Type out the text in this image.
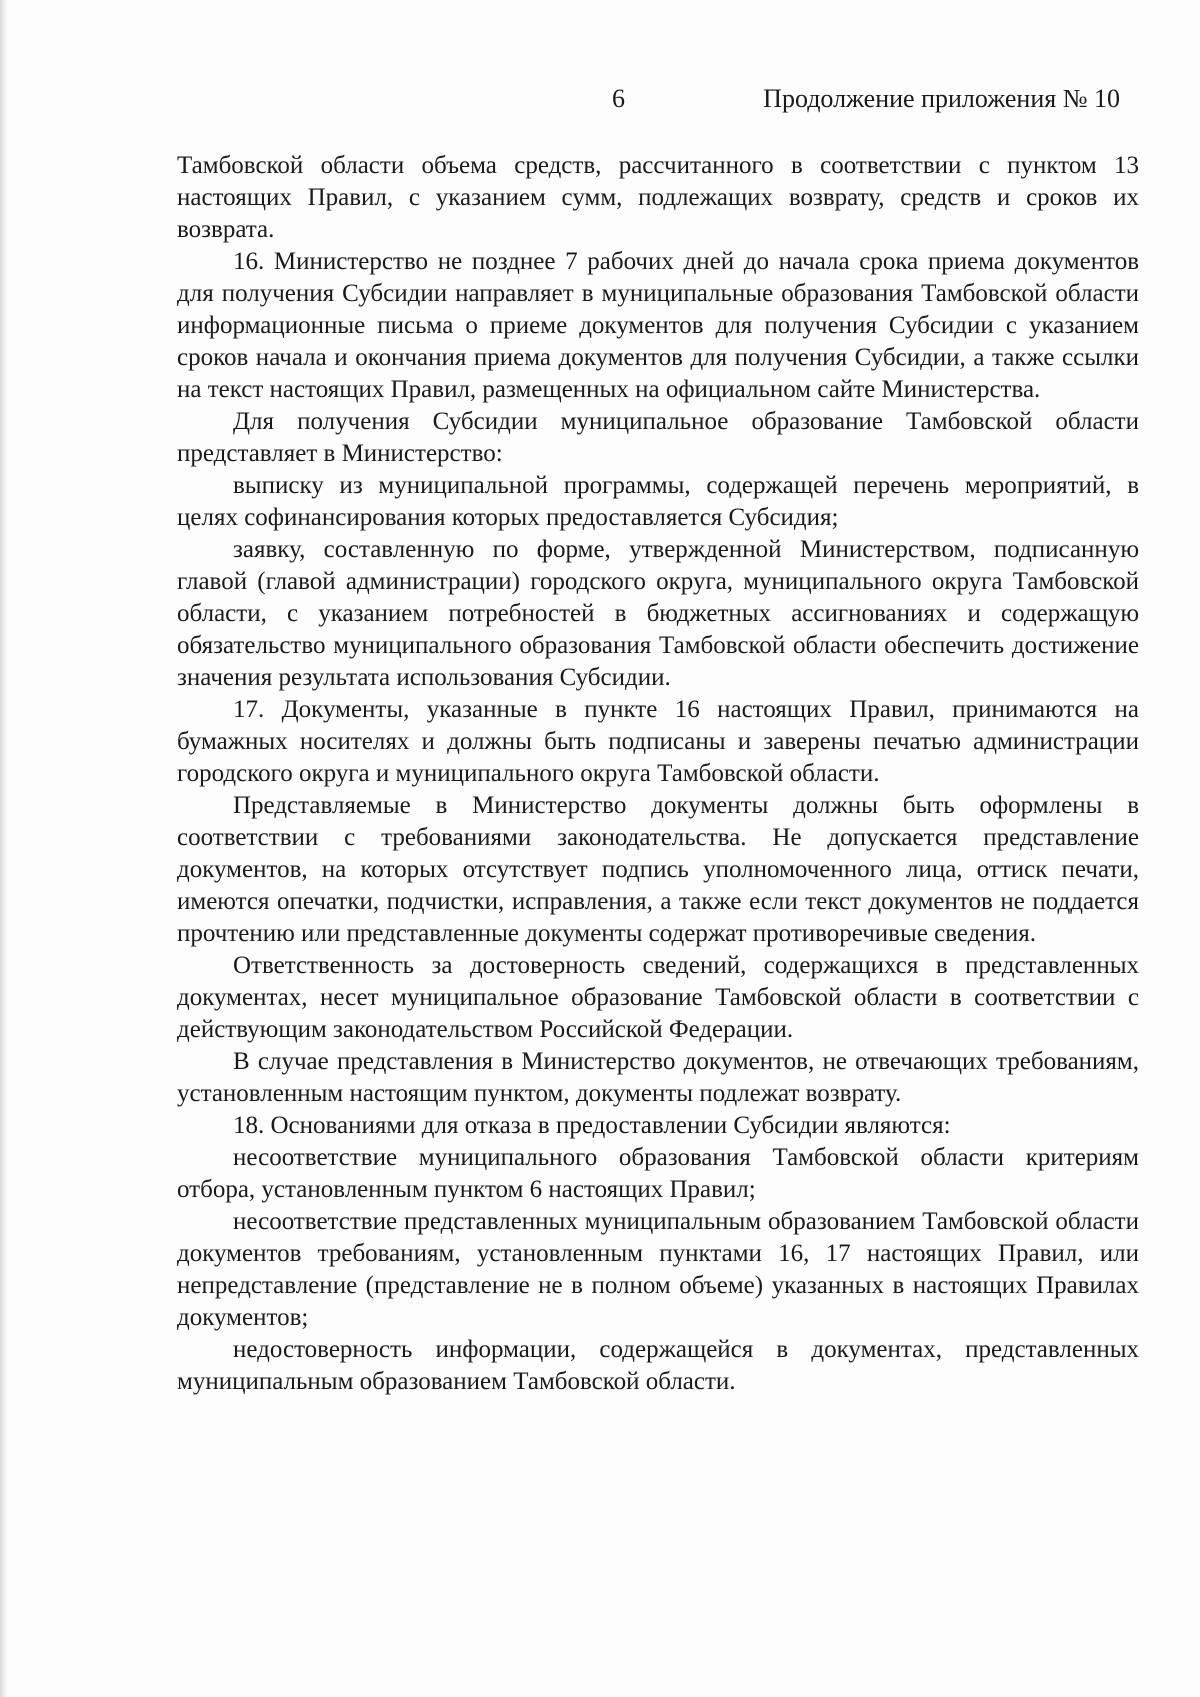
6	Продолжение приложения № 10

Тамбовской области объема средств, рассчитанного в соответствии с пунктом 13 настоящих Правил, с указанием сумм, подлежащих возврату, средств и сроков их возврата.

16. Министерство не позднее 7 рабочих дней до начала срока приема документов для получения Субсидии направляет в муниципальные образования Тамбовской области информационные письма о приеме документов для получения Субсидии с указанием сроков начала и окончания приема документов для получения Субсидии, а также ссылки на текст настоящих Правил, размещенных на официальном сайте Министерства.

Для получения Субсидии муниципальное образование Тамбовской области представляет в Министерство:

выписку из муниципальной программы, содержащей перечень мероприятий, в целях софинансирования которых предоставляется Субсидия;

заявку, составленную по форме, утвержденной Министерством, подписанную главой (главой администрации) городского округа, муниципального округа Тамбовской области, с указанием потребностей в бюджетных ассигнованиях и содержащую обязательство муниципального образования Тамбовской области обеспечить достижение значения результата использования Субсидии.

17. Документы, указанные в пункте 16 настоящих Правил, принимаются на бумажных носителях и должны быть подписаны и заверены печатью администрации городского округа и муниципального округа Тамбовской области.

Представляемые в Министерство документы должны быть оформлены в соответствии с требованиями законодательства. Не допускается представление документов, на которых отсутствует подпись уполномоченного лица, оттиск печати, имеются опечатки, подчистки, исправления, а также если текст документов не поддается прочтению или представленные документы содержат противоречивые сведения.

Ответственность за достоверность сведений, содержащихся в представленных документах, несет муниципальное образование Тамбовской области в соответствии с действующим законодательством Российской Федерации.

В случае представления в Министерство документов, не отвечающих требованиям, установленным настоящим пунктом, документы подлежат возврату.

18. Основаниями для отказа в предоставлении Субсидии являются:

несоответствие муниципального образования Тамбовской области критериям отбора, установленным пунктом 6 настоящих Правил;

несоответствие представленных муниципальным образованием Тамбовской области документов требованиям, установленным пунктами 16, 17 настоящих Правил, или непредставление (представление не в полном объеме) указанных в настоящих Правилах документов;

недостоверность информации, содержащейся в документах, представленных муниципальным образованием Тамбовской области.
